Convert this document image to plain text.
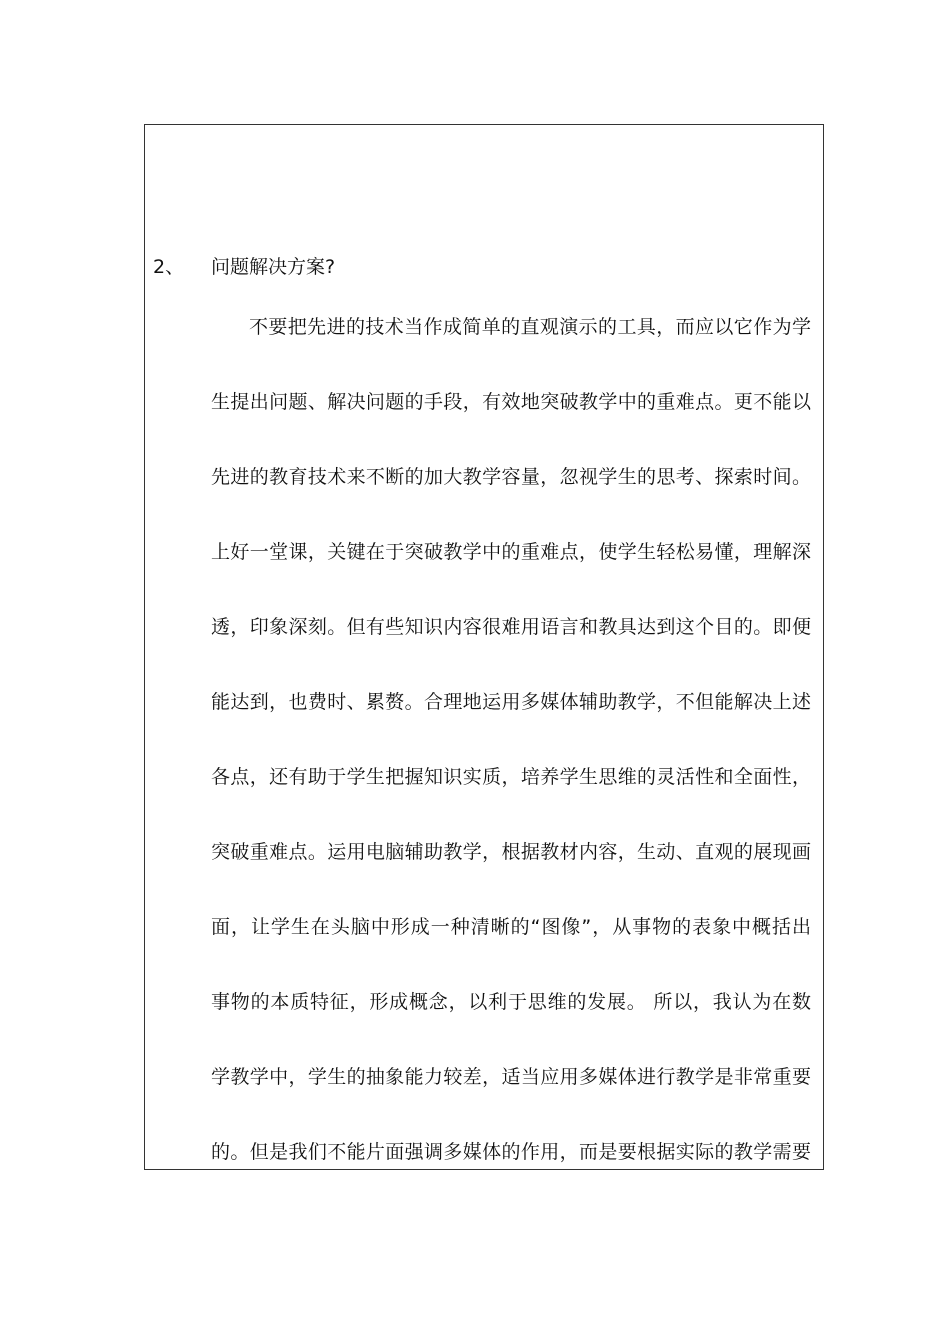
2、 问题解决方案?
不要把先进的技术当作成简单的直观演示的工具，而应以它作为学
生提出问题、解决问题的手段，有效地突破教学中的重难点。更不能以
先进的教育技术来不断的加大教学容量，忽视学生的思考、探索时间。
上好一堂课，关键在于突破教学中的重难点，使学生轻松易懂，理解深
透，印象深刻。但有些知识内容很难用语言和教具达到这个目的。即便
能达到，也费时、累赘。合理地运用多媒体辅助教学，不但能解决上述
各点，还有助于学生把握知识实质，培养学生思维的灵活性和全面性，
突破重难点。运用电脑辅助教学，根据教材内容，生动、直观的展现画
面，让学生在头脑中形成一种清晰的“图像”，从事物的表象中概括出
事物的本质特征，形成概念，以利于思维的发展。 所以，我认为在数
学教学中，学生的抽象能力较差，适当应用多媒体进行教学是非常重要
的。但是我们不能片面强调多媒体的作用，而是要根据实际的教学需要
